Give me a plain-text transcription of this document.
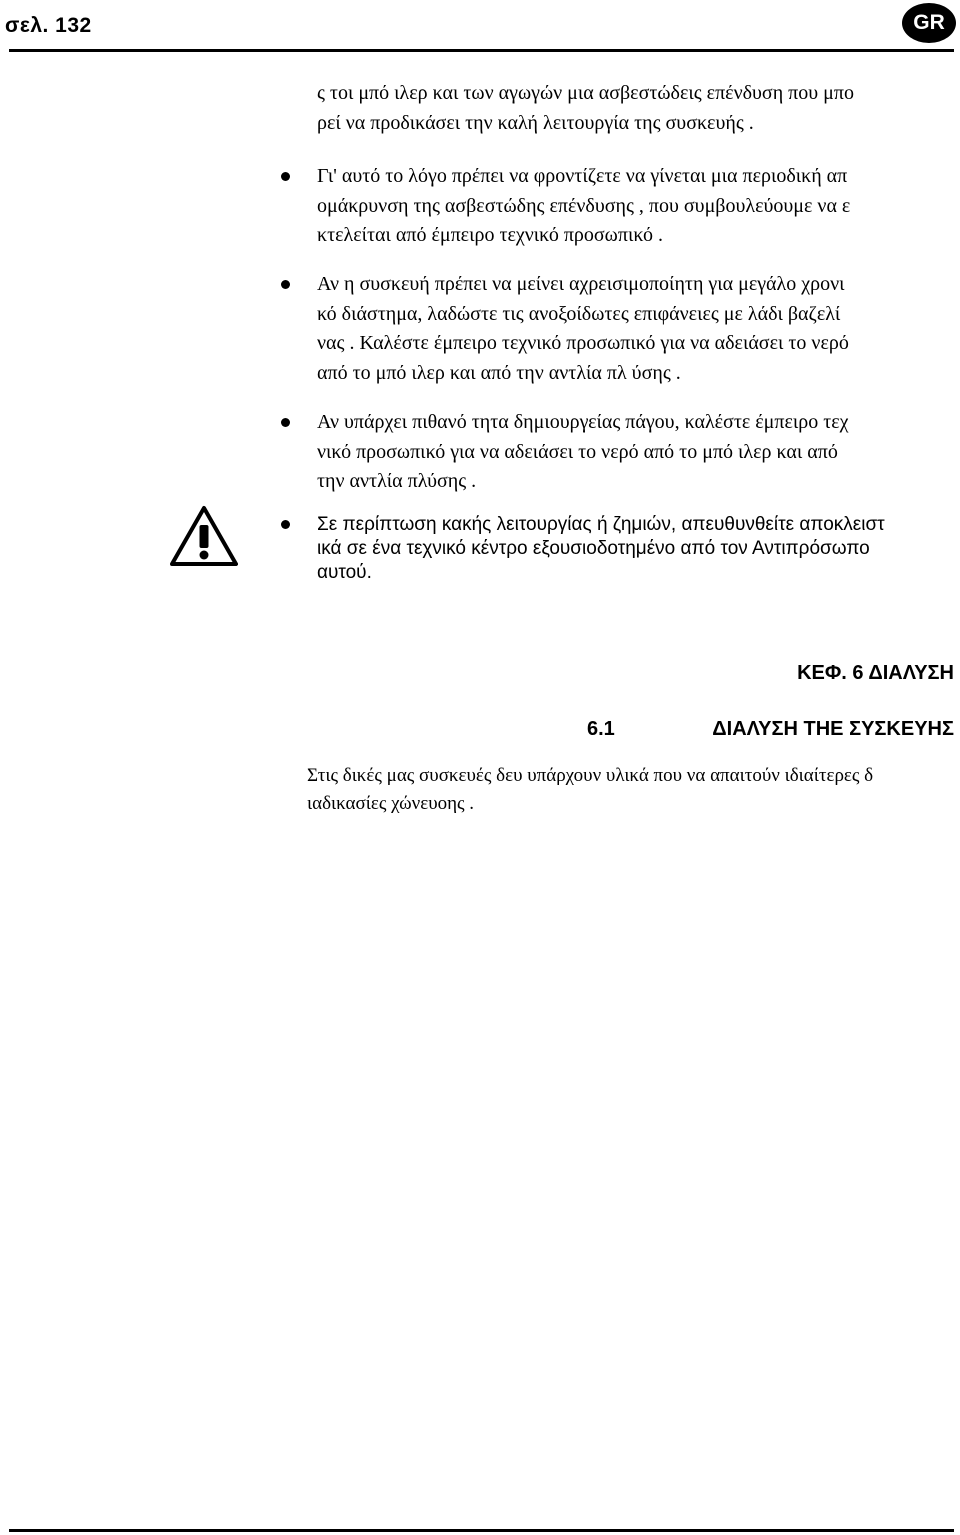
σελ. 132	GR
ς τοι μπό ιλερ και των αγωγών μια ασβεστώδεις επένδυση που μπο
ρεί να προδικάσει την καλή λειτουργία της συσκευής .
Γι' αυτό το λόγο πρέπει να φροντίζετε να γίνεται μια περιοδική απ
ομάκρυνση της ασβεστώδης επένδυσης , που συμβουλεύουμε να ε
κτελείται από έμπειρο τεχνικό προσωπικό .
Αν η συσκευή πρέπει να μείνει αχρεισιμοποίητη για μεγάλο χρονι
κό διάστημα, λαδώστε τις ανοξοίδωτες επιφάνειες με λάδι βαζελί
νας . Καλέστε έμπειρο τεχνικό προσωπικό για να αδειάσει το νερό
από το μπό ιλερ και από την αντλία πλ ύσης .
Αν υπάρχει πιθανό τητα δημιουργείας πάγου, καλέστε έμπειρο τεχ
νικό προσωπικό για να αδειάσει το νερό από το μπό ιλερ και από
την αντλία πλύσης .
Σε περίπτωση κακής λειτουργίας ή ζημιών, απευθυνθείτε αποκλειστ
ικά σε ένα τεχνικό κέντρο εξουσιοδοτημένο από τον Αντιπρόσωπο
αυτού.
ΚΕΦ. 6 ΔΙΑΛΥΣΗ
6.1	ΔΙΑΛΥΣΗ ΤΗΕ ΣΥΣΚΕΥΗΣ
Στις δικές μας συσκευές δευ υπάρχουν υλικά που να απαιτούν ιδιαίτερες δ
ιαδικασίες χώνευοης .
